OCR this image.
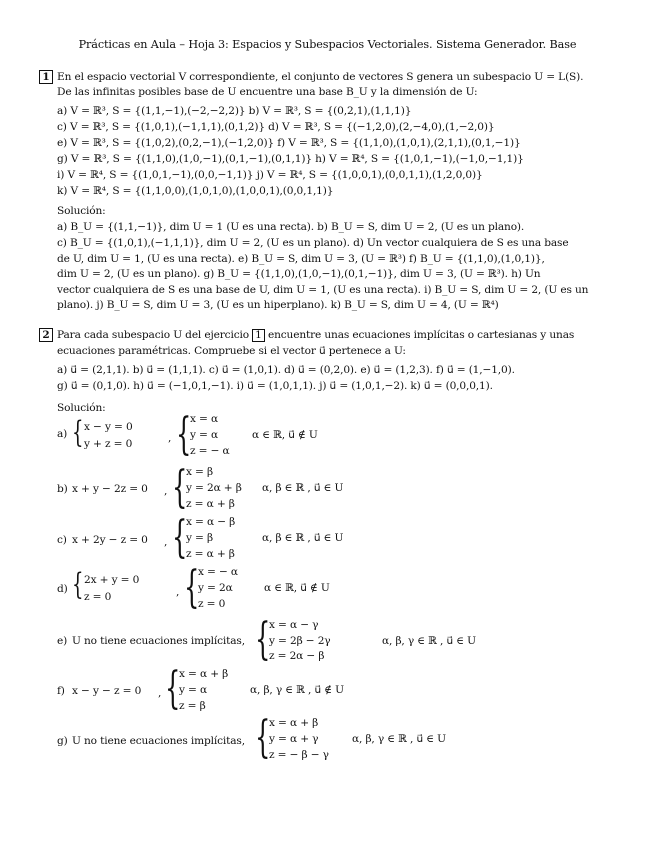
Prácticas en Aula – Hoja 3: Espacios y Subespacios Vectoriales. Sistema Generador. Base
1 En el espacio vectorial V correspondiente, el conjunto de vectores S genera un subespacio U = L(S).
De las infinitas posibles base de U encuentre una base B_U y la dimensión de U:
a) V = ℝ³, S = {(1,1,−1),(−2,−2,2)} b) V = ℝ³, S = {(0,2,1),(1,1,1)}
c) V = ℝ³, S = {(1,0,1),(−1,1,1),(0,1,2)} d) V = ℝ³, S = {(−1,2,0),(2,−4,0),(1,−2,0)}
e) V = ℝ³, S = {(1,0,2),(0,2,−1),(−1,2,0)} f) V = ℝ³, S = {(1,1,0),(1,0,1),(2,1,1),(0,1,−1)}
g) V = ℝ³, S = {(1,1,0),(1,0,−1),(0,1,−1),(0,1,1)} h) V = ℝ⁴, S = {(1,0,1,−1),(−1,0,−1,1)}
i) V = ℝ⁴, S = {(1,0,1,−1),(0,0,−1,1)} j) V = ℝ⁴, S = {(1,0,0,1),(0,0,1,1),(1,2,0,0)}
k) V = ℝ⁴, S = {(1,1,0,0),(1,0,1,0),(1,0,0,1),(0,0,1,1)}
Solución:
a) B_U = {(1,1,−1)}, dim U = 1 (U es una recta). b) B_U = S, dim U = 2, (U es un plano).
c) B_U = {(1,0,1),(−1,1,1)}, dim U = 2, (U es un plano). d) Un vector cualquiera de S es una base
de U, dim U = 1, (U es una recta). e) B_U = S, dim U = 3, (U = ℝ³) f) B_U = {(1,1,0),(1,0,1)},
dim U = 2, (U es un plano). g) B_U = {(1,1,0),(1,0,−1),(0,1,−1)}, dim U = 3, (U = ℝ³). h) Un
vector cualquiera de S es una base de U, dim U = 1, (U es una recta). i) B_U = S, dim U = 2, (U es un
plano). j) B_U = S, dim U = 3, (U es un hiperplano). k) B_U = S, dim U = 4, (U = ℝ⁴)
2 Para cada subespacio U del ejercicio 1 encuentre unas ecuaciones implícitas o cartesianas y unas
ecuaciones paramétricas. Compruebe si el vector u⃗ pertenece a U:
a) u⃗ = (2,1,1). b) u⃗ = (1,1,1). c) u⃗ = (1,0,1). d) u⃗ = (0,2,0). e) u⃗ = (1,2,3). f) u⃗ = (1,−1,0).
g) u⃗ = (0,1,0). h) u⃗ = (−1,0,1,−1). i) u⃗ = (1,0,1,1). j) u⃗ = (1,0,1,−2). k) u⃗ = (0,0,0,1).
Solución:
a) { x − y = 0
y + z = 0	, {
x = α
y = α
z = − α
α ∈ ℝ, u⃗ ∉ U
b) x + y − 2z = 0 , {
x = β
y = 2α + β
z = α + β
α, β ∈ ℝ , u⃗ ∈ U
c) x + 2y − z = 0 , {
x = α − β
y = β
z = α + β
α, β ∈ ℝ , u⃗ ∈ U
d) { 2x + y = 0
z = 0	, {
x = − α
y = 2α
z = 0
α ∈ ℝ, u⃗ ∉ U
e) U no tiene ecuaciones implícitas, {
x = α − γ
y = 2β − 2γ
z = 2α − β
α, β, γ ∈ ℝ , u⃗ ∈ U
f) x − y − z = 0 , {
x = α + β
y = α
z = β
α, β, γ ∈ ℝ , u⃗ ∉ U
g) U no tiene ecuaciones implícitas, {
x = α + β
y = α + γ
z = − β − γ
α, β, γ ∈ ℝ , u⃗ ∈ U
